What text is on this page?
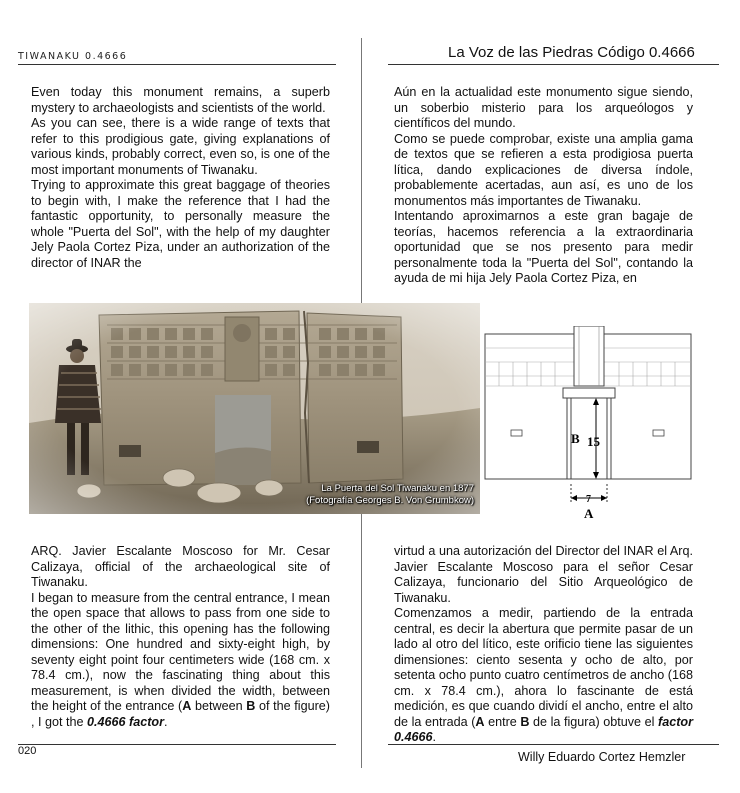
TIWANAKU 0.4666	La Voz de las Piedras Código 0.4666

Even today this monument remains, a superb mystery to archaeologists and scientists of the world.

As you can see, there is a wide range of texts that refer to this prodigious gate, giving explanations of various kinds, probably correct, even so, is one of the most important monuments of Tiwanaku.

Trying to approximate this great baggage of theories to begin with, I make the reference that I had the fantastic opportunity, to personally measure the whole "Puerta del Sol", with the help of my daughter Jely Paola Cortez Piza, under an authorization of the director of INAR the

Aún en la actualidad este monumento sigue siendo, un soberbio misterio para los arqueólogos y científicos del mundo.

Como se puede comprobar, existe una amplia gama de textos que se refieren a esta prodigiosa puerta lítica, dando explicaciones de diversa índole, probablemente acertadas, aun así, es uno de los monumentos más importantes de Tiwanaku.

Intentando aproximarnos a este gran bagaje de teorías, hacemos referencia a la extraordinaria oportunidad que se nos presento para medir personalmente toda la "Puerta del Sol", contando la ayuda de mi hija Jely Paola Cortez Piza, en

La Puerta del Sol Tiwanaku en 1877
(Fotografía Georges B. Von Grumbkow)
B 15
7
A

ARQ. Javier Escalante Moscoso for Mr. Cesar Calizaya, official of the archaeological site of Tiwanaku.

I began to measure from the central entrance, I mean the open space that allows to pass from one side to the other of the lithic, this opening has the following dimensions: One hundred and sixty-eight high, by seventy eight point four centimeters wide (168 cm. x 78.4 cm.), now the fascinating thing about this measurement, is when divided the width, between the height of the entrance (A between B of the figure) , I got the 0.4666 factor.

virtud a una autorización del Director del INAR el Arq. Javier Escalante Moscoso para el señor Cesar Calizaya, funcionario del Sitio Arqueológico de Tiwanaku.

Comenzamos a medir, partiendo de la entrada central, es decir la abertura que permite pasar de un lado al otro del lítico, este orificio tiene las siguientes dimensiones: ciento sesenta y ocho de alto, por setenta ocho punto cuatro centímetros de ancho (168 cm. x 78.4 cm.), ahora lo fascinante de está medición, es que cuando dividí el ancho, entre el alto de la entrada (A entre B de la figura) obtuve el factor 0.4666.

020	Willy Eduardo Cortez Hemzler
